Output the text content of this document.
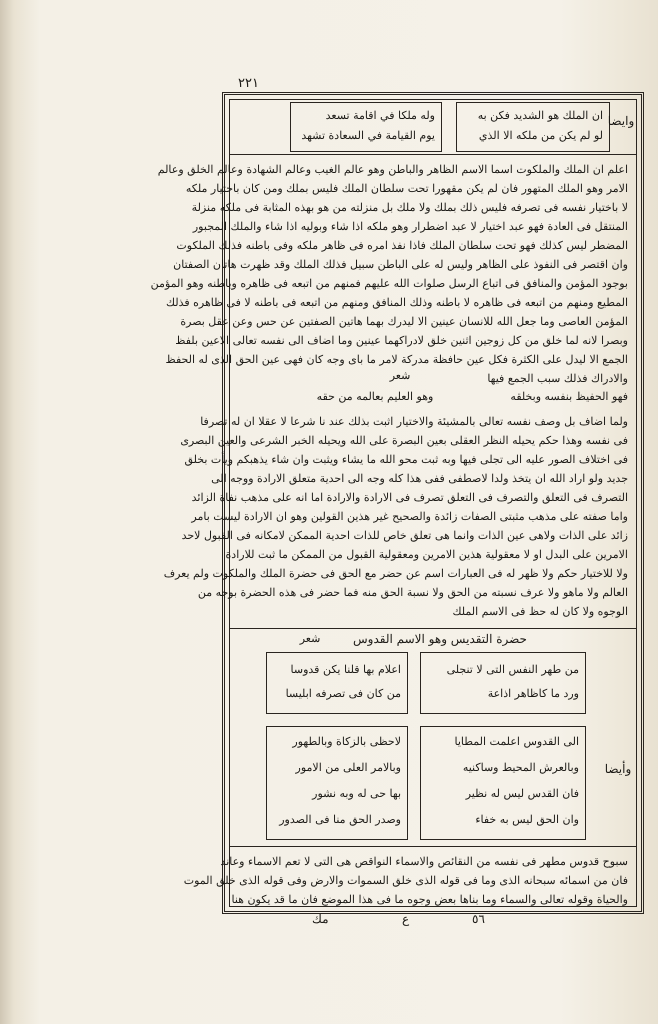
٢٢١
ان الملك هو الشديد فكن به
لو لم يكن من ملكه الا الذي
وايضا
وله ملكا في اقامة تسعد
يوم القيامة في السعادة تشهد
اعلم ان الملك والملكوت اسما الاسم الظاهر والباطن وهو عالم الغيب وعالم الشهادة وعالم الخلق وعالم
الامر وهو الملك المتهور فان لم يكن مقهورا تحت سلطان الملك فليس بملك ومن كان باختيار ملكه
لا باختيار نفسه فى تصرفه فليس ذلك بملك ولا ملك بل منزلته من هو بهذه المثابة فى ملكه منزلة
المنتقل فى العادة فهو عبد اختيار لا عبد اضطرار وهو ملكه اذا شاء وبوليه اذا شاء والملك المجبور
المضطر ليس كذلك فهو تحت سلطان الملك فاذا نفذ امره فى ظاهر ملكه وفى باطنه فذلك الملكوت
وان اقتصر فى النفوذ على الظاهر وليس له على الباطن سبيل فذلك الملك وقد ظهرت هاتان الصفتان
بوجود المؤمن والمنافق فى اتباع الرسل صلوات الله عليهم فمنهم من اتبعه فى ظاهره وباطنه وهو المؤمن
المطيع ومنهم من اتبعه فى ظاهره لا باطنه وذلك المنافق ومنهم من اتبعه فى باطنه لا فى ظاهره فذلك
المؤمن العاصى وما جعل الله للانسان عينين الا ليدرك بهما هاتين الصفتين عن حس وعن عقل بصرة
وبصرا لانه لما خلق من كل زوجين اثنين خلق لادراكهما عينين وما اضاف الى نفسه تعالى الاعين بلفظ
الجمع الا ليدل على الكثرة فكل عين حافظة مدركة لامر ما باى وجه كان فهى عين الحق الذى له الحفظ
والادراك فذلك سبب الجمع فيها
شعر
فهو الحفيظ بنفسه وبخلقه
وهو العليم بعالمه من حقه
ولما اضاف بل وصف نفسه تعالى بالمشيئة والاختيار اثبت بذلك عند نا شرعا لا عقلا ان له تصرفا
فى نفسه وهذا حكم يحيله النظر العقلى بعين البصرة على الله ويحيله الخبر الشرعى والعين البصرى
فى اختلاف الصور عليه الى تجلى فيها وبه ثبت محو الله ما يشاء ويثبت وان شاء يذهبكم ويأت بخلق
جديد ولو اراد الله ان يتخذ ولدا لاصطفى ففى هذا كله وجه الى احدية متعلق الارادة ووجه الى
التصرف فى التعلق والتصرف فى التعلق تصرف فى الارادة والارادة اما انه على مذهب نفاة الزائد
واما صفته على مذهب مثبتى الصفات زائدة والصحيح غير هذين القولين وهو ان الارادة ليست بامر
زائد على الذات ولاهى عين الذات وانما هى تعلق خاص للذات احدية الممكن لامكانه فى القبول لاحد
الامرين على البدل او لا معقولية هذين الامرين ومعقولية القبول من الممكن ما ثبت للارادة
ولا للاختيار حكم ولا ظهر له فى العبارات اسم عن حضر مع الحق فى حضرة الملك والملكوت ولم يعرف
العالم ولا ماهو ولا عرف نسبته من الحق ولا نسبة الحق منه فما حضر فى هذه الحضرة بوجه من
الوجوه ولا كان له حظ فى الاسم الملك
حضرة التقديس وهو الاسم القدوس
شعر
من طهر النفس التى لا تنجلى
ورد ما كاظاهر اذاعة
اعلام بها قلنا يكن قدوسا
من كان فى تصرفه ابليسا
وأيضا
الى القدوس اعلمت المطايا
وبالعرش المحيط وساكنيه
فان القدس ليس له نظير
وان الحق ليس به خفاء
لاحظى بالزكاة وبالطهور
وبالامر العلى من الامور
بها حى له وبه نشور
وصدر الحق منا فى الصدور
سبوح قدوس مطهر فى نفسه من النقائص والاسماء النواقص هى التى لا تعم الاسماء وعاند
فان من اسمائه سبحانه الذى وما فى قوله الذى خلق السموات والارض وفى قوله الذى خلق الموت
والحياة وقوله تعالى والسماء وما بناها بعض وجوه ما فى هذا الموضع فان ما قد يكون هنا
مك	ع	٥٦
